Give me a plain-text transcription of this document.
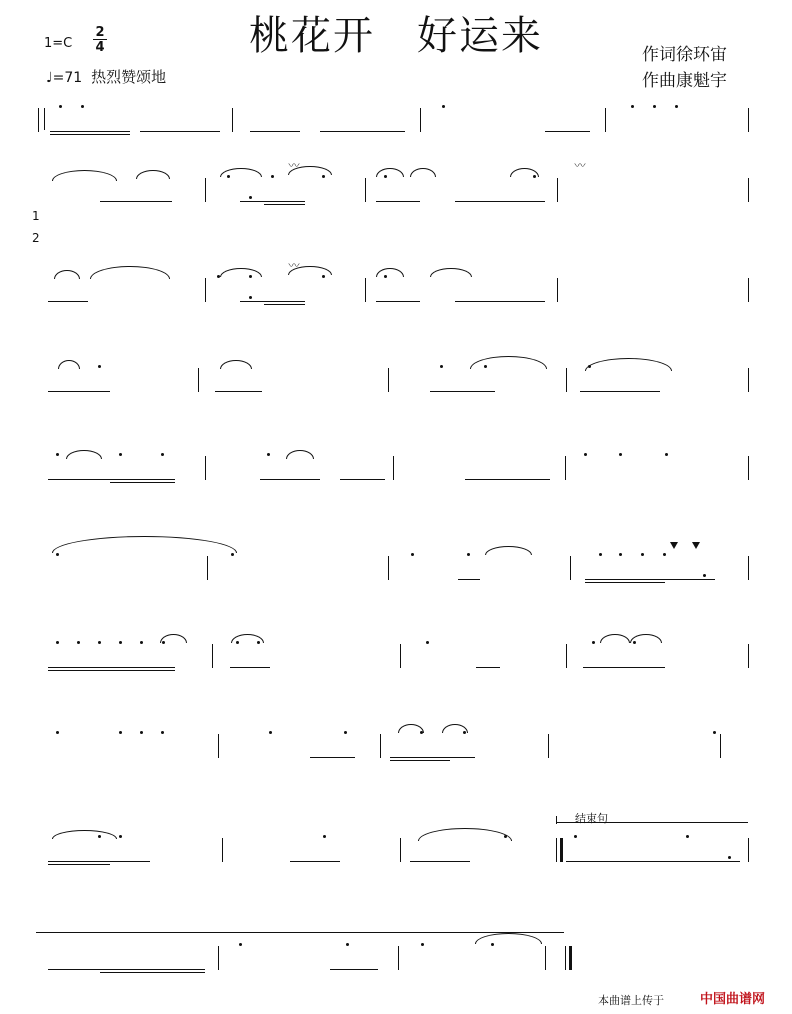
桃花开　好运来
1=C
2
4
♩=71 热烈赞颂地
作词徐环宙
作曲康魁宇
结束句
本曲谱上传于	中国曲谱网
1
2
〰	〰
〰
